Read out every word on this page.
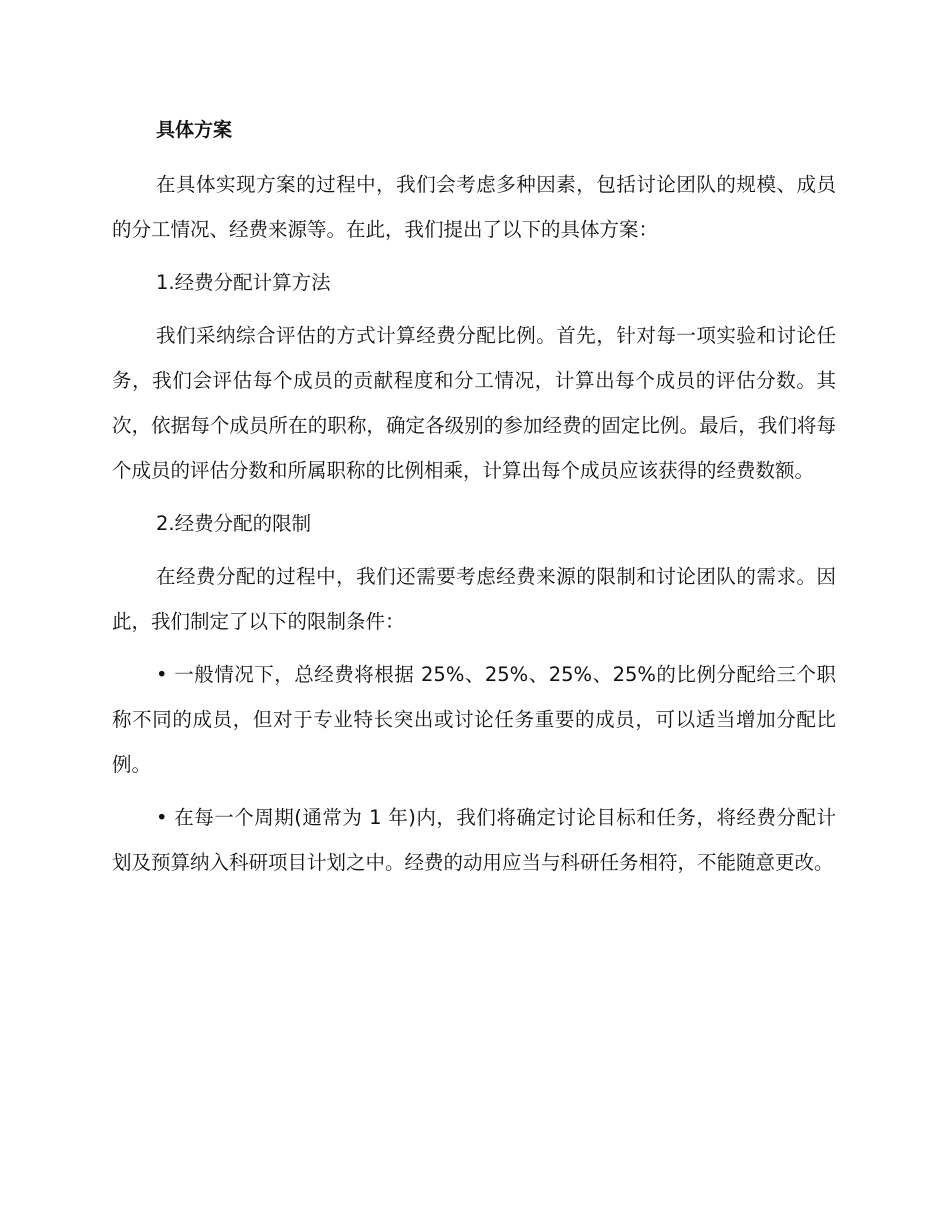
具体方案

在具体实现方案的过程中，我们会考虑多种因素，包括讨论团队的规模、成员的分工情况、经费来源等。在此，我们提出了以下的具体方案：

1.经费分配计算方法

我们采纳综合评估的方式计算经费分配比例。首先，针对每一项实验和讨论任务，我们会评估每个成员的贡献程度和分工情况，计算出每个成员的评估分数。其次，依据每个成员所在的职称，确定各级别的参加经费的固定比例。最后，我们将每个成员的评估分数和所属职称的比例相乘，计算出每个成员应该获得的经费数额。

2.经费分配的限制

在经费分配的过程中，我们还需要考虑经费来源的限制和讨论团队的需求。因此，我们制定了以下的限制条件：

• 一般情况下，总经费将根据 25%、25%、25%、25%的比例分配给三个职称不同的成员，但对于专业特长突出或讨论任务重要的成员，可以适当增加分配比例。

• 在每一个周期(通常为 1 年)内，我们将确定讨论目标和任务，将经费分配计划及预算纳入科研项目计划之中。经费的动用应当与科研任务相符，不能随意更改。
